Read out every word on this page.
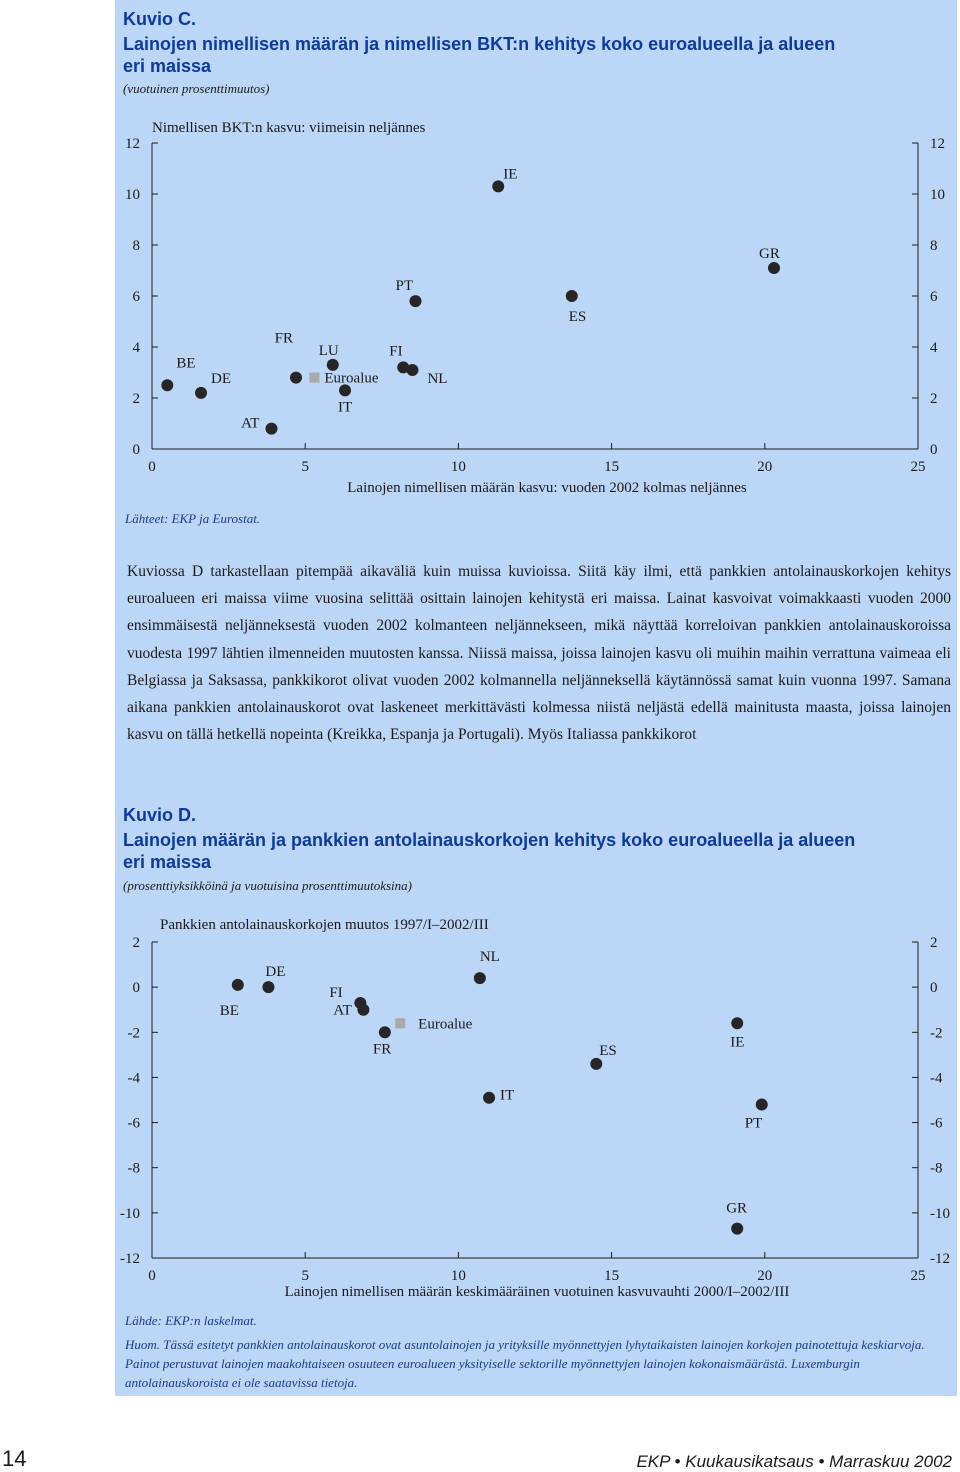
Kuvio C.
Lainojen nimellisen määrän ja nimellisen BKT:n kehitys koko euroalueella ja alueen eri maissa
(vuotuinen prosenttimuutos)
0	0
2	2
4	4
6	6
8	8
10	10
12	12
0	5	10	15	20	25
Nimellisen BKT:n kasvu: viimeisin neljännes
Lainojen nimellisen määrän kasvu: vuoden 2002 kolmas neljännes
BE
DE
AT
FR
LU
IT
FI
NL
PT
IE
ES
GR
Euroalue
Lähteet: EKP ja Eurostat.
Kuviossa D tarkastellaan pitempää aikaväliä kuin muissa kuvioissa. Siitä käy ilmi, että pankkien antolainauskorkojen kehitys euroalueen eri maissa viime vuosina selittää osittain lainojen kehitystä eri maissa. Lainat kasvoivat voimakkaasti vuoden 2000 ensimmäisestä neljänneksestä vuoden 2002 kolmanteen neljännekseen, mikä näyttää korreloivan pankkien antolainauskoroissa vuodesta 1997 lähtien ilmenneiden muutosten kanssa. Niissä maissa, joissa lainojen kasvu oli muihin maihin verrattuna vaimeaa eli Belgiassa ja Saksassa, pankkikorot olivat vuoden 2002 kolmannella neljänneksellä käytännössä samat kuin vuonna 1997. Samana aikana pankkien antolainauskorot ovat laskeneet merkittävästi kolmessa niistä neljästä edellä mainitusta maasta, joissa lainojen kasvu on tällä hetkellä nopeinta (Kreikka, Espanja ja Portugali). Myös Italiassa pankkikorot
Kuvio D.
Lainojen määrän ja pankkien antolainauskorkojen kehitys koko euroalueella ja alueen eri maissa
(prosenttiyksikköinä ja vuotuisina prosenttimuutoksina)
2	2
0	0
-2	-2
-4	-4
-6	-6
-8	-8
-10	-10
-12	-12
0	5	10	15	20	25
Pankkien antolainauskorkojen muutos 1997/I–2002/III
Lainojen nimellisen määrän keskimääräinen vuotuinen kasvuvauhti 2000/I–2002/III
BE
DE
FI
AT
FR
NL
IT
ES
IE
PT
GR
Euroalue
Lähde: EKP:n laskelmat.
Huom. Tässä esitetyt pankkien antolainauskorot ovat asuntolainojen ja yrityksille myönnettyjen lyhytaikaisten lainojen korkojen painotettuja keskiarvoja. Painot perustuvat lainojen maakohtaiseen osuuteen euroalueen yksityiselle sektorille myönnettyjen lainojen kokonaismäärästä. Luxemburgin antolainauskoroista ei ole saatavissa tietoja.
14	EKP • Kuukausikatsaus • Marraskuu 2002
